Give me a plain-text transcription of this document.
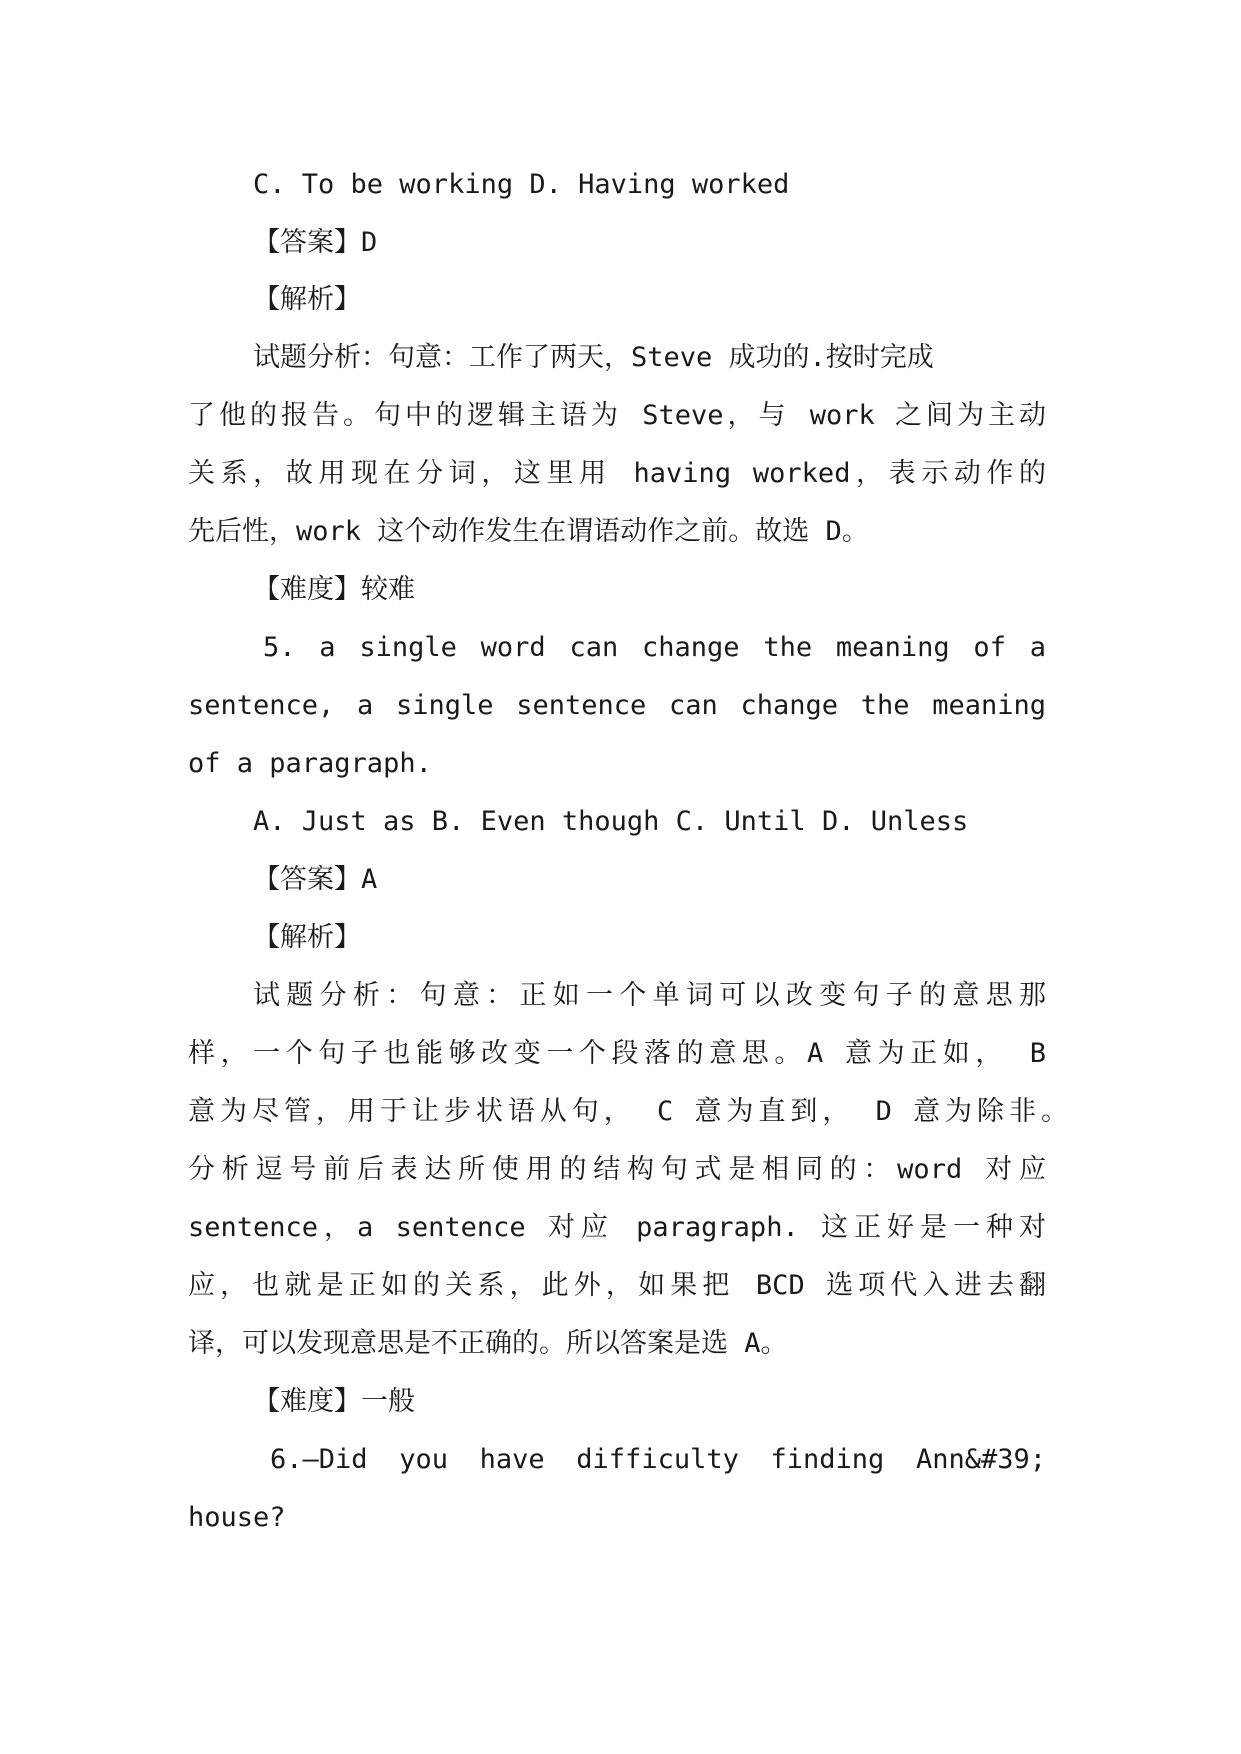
C. To be working D. Having worked
【答案】D
【解析】
试题分析：句意：工作了两天，Steve 成功的.按时完成
了他的报告。句中的逻辑主语为 Steve，与 work 之间为主动
关系，故用现在分词，这里用 having worked，表示动作的
先后性，work 这个动作发生在谓语动作之前。故选 D。
【难度】较难
5. a single word can change the meaning of a
sentence, a single sentence can change the meaning
of a paragraph.
A. Just as B. Even though C. Until D. Unless
【答案】A
【解析】
试题分析：句意：正如一个单词可以改变句子的意思那
样，一个句子也能够改变一个段落的意思。A 意为正如， B
意为尽管，用于让步状语从句， C 意为直到， D 意为除非。
分析逗号前后表达所使用的结构句式是相同的：word 对应
sentence，a sentence 对应 paragraph. 这正好是一种对
应，也就是正如的关系，此外，如果把 BCD 选项代入进去翻
译，可以发现意思是不正确的。所以答案是选 A。
【难度】一般
6.—Did you have difficulty finding Ann&#39;
house?
